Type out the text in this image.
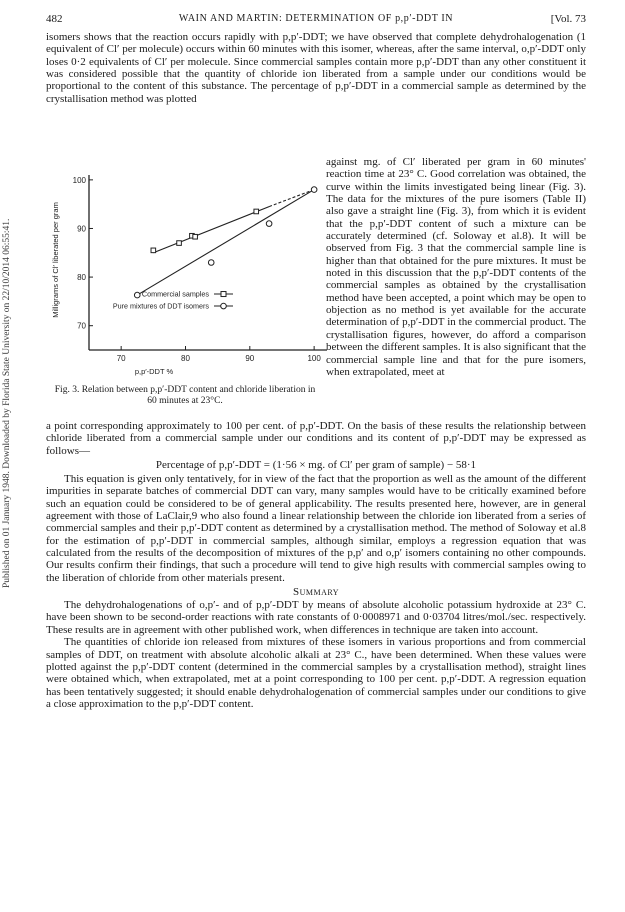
Published on 01 January 1948. Downloaded by Florida State University on 22/10/2014 06:55:41.
482	WAIN AND MARTIN: DETERMINATION OF p,p′-DDT IN	[Vol. 73

isomers shows that the reaction occurs rapidly with p,p′-DDT; we have observed that complete dehydrohalogenation (1 equivalent of Cl′ per molecule) occurs within 60 minutes with this isomer, whereas, after the same interval, o,p′-DDT only loses 0·2 equivalents of Cl′ per molecule. Since commercial samples contain more p,p′-DDT than any other constituent it was considered possible that the quantity of chloride ion liberated from a sample under our conditions would be proportional to the content of this substance. The percentage of p,p′-DDT in a commercial sample as determined by the crystallisation method was plotted

against mg. of Cl′ liberated per gram in 60 minutes' reaction time at 23° C. Good correlation was obtained, the curve within the limits investigated being linear (Fig. 3). The data for the mixtures of the pure isomers (Table II) also gave a straight line (Fig. 3), from which it is evident that the p,p′-DDT content of such a mixture can be accurately determined (cf. Soloway et al.8). It will be observed from Fig. 3 that the commercial sample line is higher than that obtained for the pure mixtures. It must be noted in this discussion that the p,p′-DDT contents of the commercial samples as obtained by the crystallisation method have been accepted, a point which may be open to objection as no method is yet available for the accurate determination of p,p′-DDT in the commercial product. The crystallisation figures, however, do afford a comparison between the different samples. It is also significant that the commercial sample line and that for the pure isomers, when extrapolated, meet at

70	80	90	100
70
80
90
100
Milligrams of Cl′ liberated per gram
p,p′-DDT %
Commercial samples
Pure mixtures of DDT isomers
Fig. 3. Relation between p,p′-DDT content and chloride liberation in 60 minutes at 23°C.

a point corresponding approximately to 100 per cent. of p,p′-DDT. On the basis of these results the relationship between chloride liberated from a commercial sample under our conditions and its content of p,p′-DDT may be expressed as follows—

Percentage of p,p′-DDT = (1·56 × mg. of Cl′ per gram of sample) − 58·1

This equation is given only tentatively, for in view of the fact that the proportion as well as the amount of the different impurities in separate batches of commercial DDT can vary, many samples would have to be critically examined before such an equation could be considered to be of general applicability. The results presented here, however, are in general agreement with those of LaClair,9 who also found a linear relationship between the chloride ion liberated from a series of commercial samples and their p,p′-DDT content as determined by a crystallisation method. The method of Soloway et al.8 for the estimation of p,p′-DDT in commercial samples, although similar, employs a regression equation that was calculated from the results of the decomposition of mixtures of the p,p′ and o,p′ isomers containing no other compounds. Our results confirm their findings, that such a procedure will tend to give high results with commercial samples owing to the liberation of chloride from other materials present.

Summary

The dehydrohalogenations of o,p′- and of p,p′-DDT by means of absolute alcoholic potassium hydroxide at 23° C. have been shown to be second-order reactions with rate constants of 0·0008971 and 0·03704 litres/mol./sec. respectively. These results are in agreement with other published work, when differences in technique are taken into account.

The quantities of chloride ion released from mixtures of these isomers in various proportions and from commercial samples of DDT, on treatment with absolute alcoholic alkali at 23° C., have been determined. When these values were plotted against the p,p′-DDT content (determined in the commercial samples by a crystallisation method), straight lines were obtained which, when extrapolated, met at a point corresponding to 100 per cent. p,p′-DDT. A regression equation has been tentatively suggested; it should enable dehydrohalogenation of commercial samples under our conditions to give a close approximation to the p,p′-DDT content.
